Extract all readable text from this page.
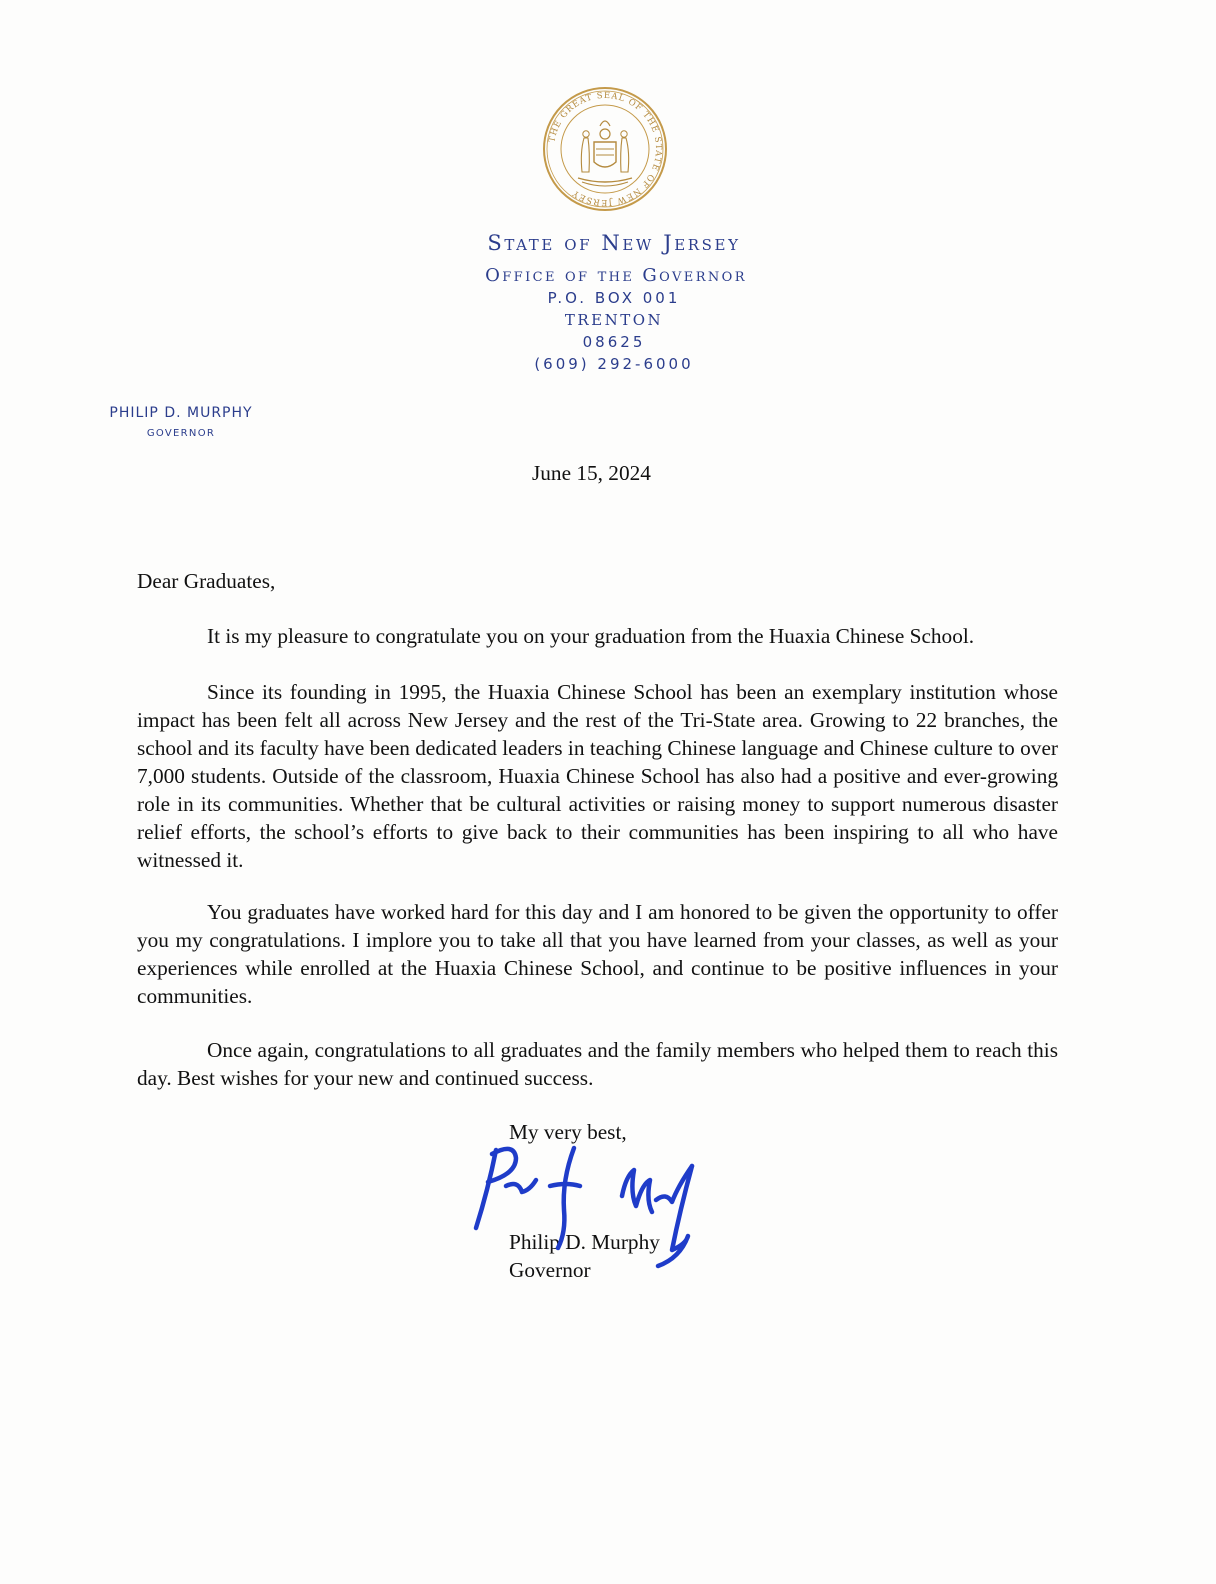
THE GREAT SEAL OF THE STATE OF NEW JERSEY
State of New Jersey
Office of the Governor
P.O. BOX 001
TRENTON
08625
(609) 292-6000
PHILIP D. MURPHY
GOVERNOR
June 15, 2024
Dear Graduates,

It is my pleasure to congratulate you on your graduation from the Huaxia Chinese School.

Since its founding in 1995, the Huaxia Chinese School has been an exemplary institution whose impact has been felt all across New Jersey and the rest of the Tri-State area. Growing to 22 branches, the school and its faculty have been dedicated leaders in teaching Chinese language and Chinese culture to over 7,000 students. Outside of the classroom, Huaxia Chinese School has also had a positive and ever-growing role in its communities. Whether that be cultural activities or raising money to support numerous disaster relief efforts, the school’s efforts to give back to their communities has been inspiring to all who have witnessed it.

You graduates have worked hard for this day and I am honored to be given the opportunity to offer you my congratulations. I implore you to take all that you have learned from your classes, as well as your experiences while enrolled at the Huaxia Chinese School, and continue to be positive influences in your communities.

Once again, congratulations to all graduates and the family members who helped them to reach this day. Best wishes for your new and continued success.

My very best,
Philip D. Murphy
Governor
